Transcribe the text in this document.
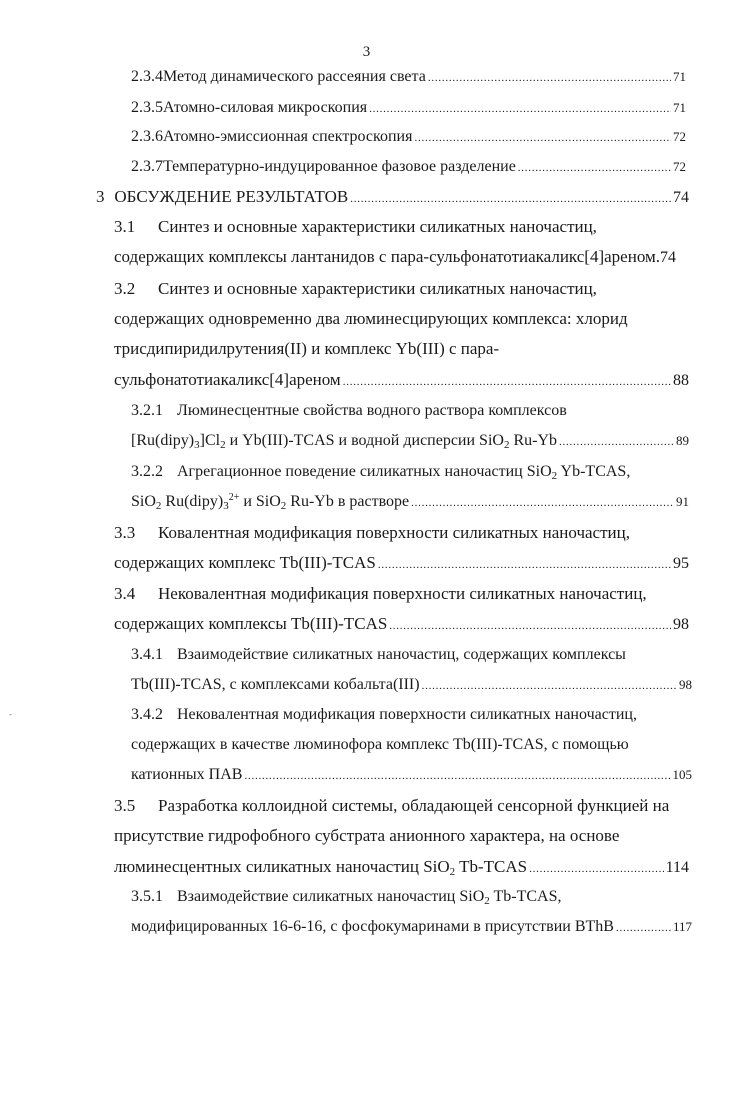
3
2.3.4 Метод динамического рассеяния света . . .	71
2.3.5 Атомно-силовая микроскопия . . .	71
2.3.6 Атомно-эмиссионная спектроскопия . . .	72
2.3.7 Температурно-индуцированное фазовое разделение . . .	72
3 ОБСУЖДЕНИЕ РЕЗУЛЬТАТОВ . . .	74
3.1	Синтез и основные характеристики силикатных наночастиц,
содержащих комплексы лантанидов с пара-сульфонатотиакаликс[4]ареном . 74
3.2	Синтез и основные характеристики силикатных наночастиц,
содержащих одновременно два люминесцирующих комплекса: хлорид
трисдипиридилрутения(II) и комплекс Yb(III) с пара-
сульфонатотиакаликс[4]ареном . . .	88
3.2.1 Люминесцентные свойства водного раствора комплексов
$[Ru(dipy)_3]Cl_2$ и Yb(III)-TCAS и водной дисперсии SiO$_2$ Ru-Yb . . .	89
3.2.2 Агрегационное поведение силикатных наночастиц SiO$_2$ Yb-TCAS,
SiO$_2$ $Ru(dipy)_3^{2+}$ и SiO$_2$ Ru-Yb в растворе . . .	91
3.3	Ковалентная модификация поверхности силикатных наночастиц,
содержащих комплекс Tb(III)-TCAS . . .	95
3.4	Нековалентная модификация поверхности силикатных наночастиц,
содержащих комплексы Tb(III)-TCAS . . .	98
3.4.1 Взаимодействие силикатных наночастиц, содержащих комплексы
Tb(III)-TCAS, с комплексами кобальта(III) . . .	98
3.4.2 Нековалентная модификация поверхности силикатных наночастиц,
содержащих в качестве люминофора комплекс Tb(III)-TCAS, с помощью
катионных ПАВ . . .	105
3.5	Разработка коллоидной системы, обладающей сенсорной функцией на
присутствие гидрофобного субстрата анионного характера, на основе
люминесцентных силикатных наночастиц SiO$_2$ Tb-TCAS . . .	114
3.5.1 Взаимодействие силикатных наночастиц SiO$_2$ Tb-TCAS,
модифицированных 16-6-16, с фосфокумаринами в присутствии BThB . . .	117
-
